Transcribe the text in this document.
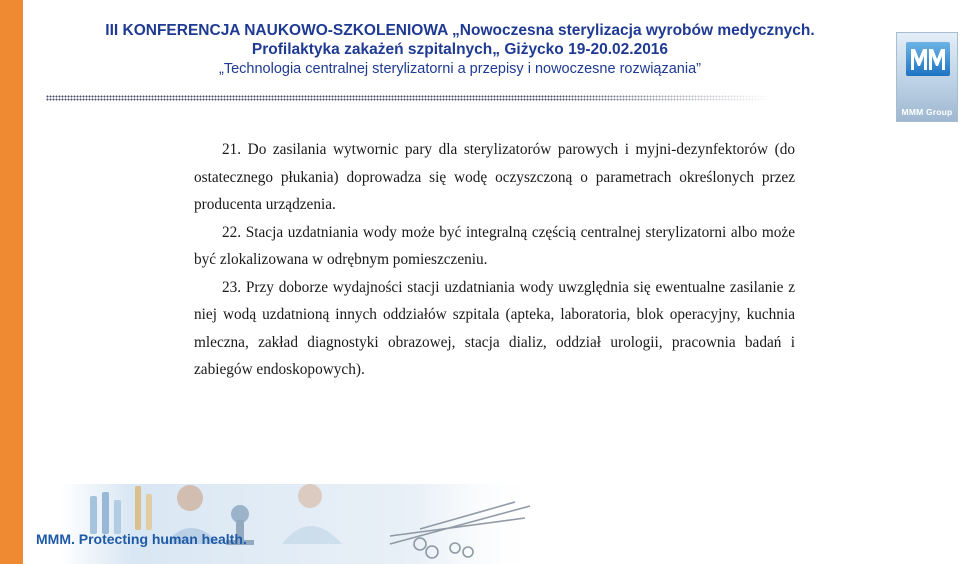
III KONFERENCJA NAUKOWO-SZKOLENIOWA „Nowoczesna sterylizacja wyrobów medycznych.
Profilaktyka zakażeń szpitalnych„ Giżycko 19-20.02.2016
„Technologia centralnej sterylizatorni a przepisy i nowoczesne rozwiązania”
MMM Group

21. Do zasilania wytwornic pary dla sterylizatorów parowych i myjni-dezynfektorów (do ostatecznego płukania) doprowadza się wodę oczyszczoną o parametrach określonych przez producenta urządzenia.

22. Stacja uzdatniania wody może być integralną częścią centralnej sterylizatorni albo może być zlokalizowana w odrębnym pomieszczeniu.

23. Przy doborze wydajności stacji uzdatniania wody uwzględnia się ewentualne zasilanie z niej wodą uzdatnioną innych oddziałów szpitala (apteka, laboratoria, blok operacyjny, kuchnia mleczna, zakład diagnostyki obrazowej, stacja dializ, oddział urologii, pracownia badań i zabiegów endoskopowych).

MMM. Protecting human health.
